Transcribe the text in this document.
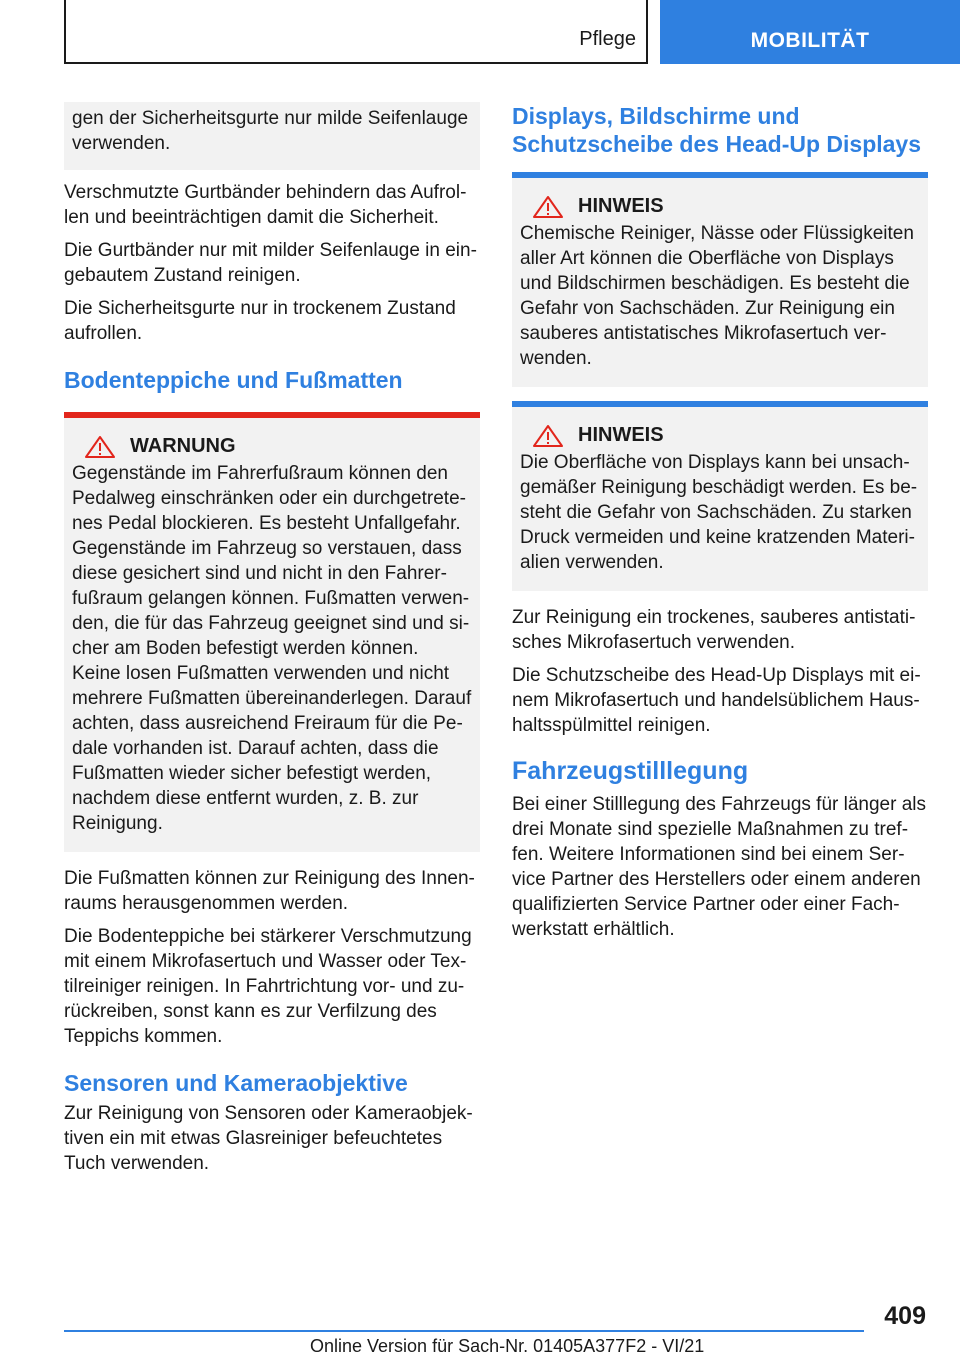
Pflege	MOBILITÄT
gen der Sicherheitsgurte nur milde Seifenlauge verwenden.

Verschmutzte Gurtbänder behindern das Aufrollen und beeinträchtigen damit die Sicherheit.

Die Gurtbänder nur mit milder Seifenlauge in eingebautem Zustand reinigen.

Die Sicherheitsgurte nur in trockenem Zustand aufrollen.

Bodenteppiche und Fußmatten
WARNUNG

Gegenstände im Fahrerfußraum können den Pedalweg einschränken oder ein durchgetretenes Pedal blockieren. Es besteht Unfallgefahr. Gegenstände im Fahrzeug so verstauen, dass diese gesichert sind und nicht in den Fahrerfußraum gelangen können. Fußmatten verwenden, die für das Fahrzeug geeignet sind und sicher am Boden befestigt werden können. Keine losen Fußmatten verwenden und nicht mehrere Fußmatten übereinanderlegen. Darauf achten, dass ausreichend Freiraum für die Pedale vorhanden ist. Darauf achten, dass die Fußmatten wieder sicher befestigt werden, nachdem diese entfernt wurden, z. B. zur Reinigung.

Die Fußmatten können zur Reinigung des Innenraums herausgenommen werden.

Die Bodenteppiche bei stärkerer Verschmutzung mit einem Mikrofasertuch und Wasser oder Textilreiniger reinigen. In Fahrtrichtung vor- und zurückreiben, sonst kann es zur Verfilzung des Teppichs kommen.

Sensoren und Kameraobjektive

Zur Reinigung von Sensoren oder Kameraobjektiven ein mit etwas Glasreiniger befeuchtetes Tuch verwenden.

Displays, Bildschirme und Schutzscheibe des Head-Up Displays
HINWEIS

Chemische Reiniger, Nässe oder Flüssigkeiten aller Art können die Oberfläche von Displays und Bildschirmen beschädigen. Es besteht die Gefahr von Sachschäden. Zur Reinigung ein sauberes antistatisches Mikrofasertuch verwenden.

HINWEIS

Die Oberfläche von Displays kann bei unsachgemäßer Reinigung beschädigt werden. Es besteht die Gefahr von Sachschäden. Zu starken Druck vermeiden und keine kratzenden Materialien verwenden.

Zur Reinigung ein trockenes, sauberes antistatisches Mikrofasertuch verwenden.

Die Schutzscheibe des Head-Up Displays mit einem Mikrofasertuch und handelsüblichem Haushaltsspülmittel reinigen.

Fahrzeugstilllegung

Bei einer Stilllegung des Fahrzeugs für länger als drei Monate sind spezielle Maßnahmen zu treffen. Weitere Informationen sind bei einem Service Partner des Herstellers oder einem anderen qualifizierten Service Partner oder einer Fachwerkstatt erhältlich.

409
Online Version für Sach-Nr. 01405A377F2 - VI/21
